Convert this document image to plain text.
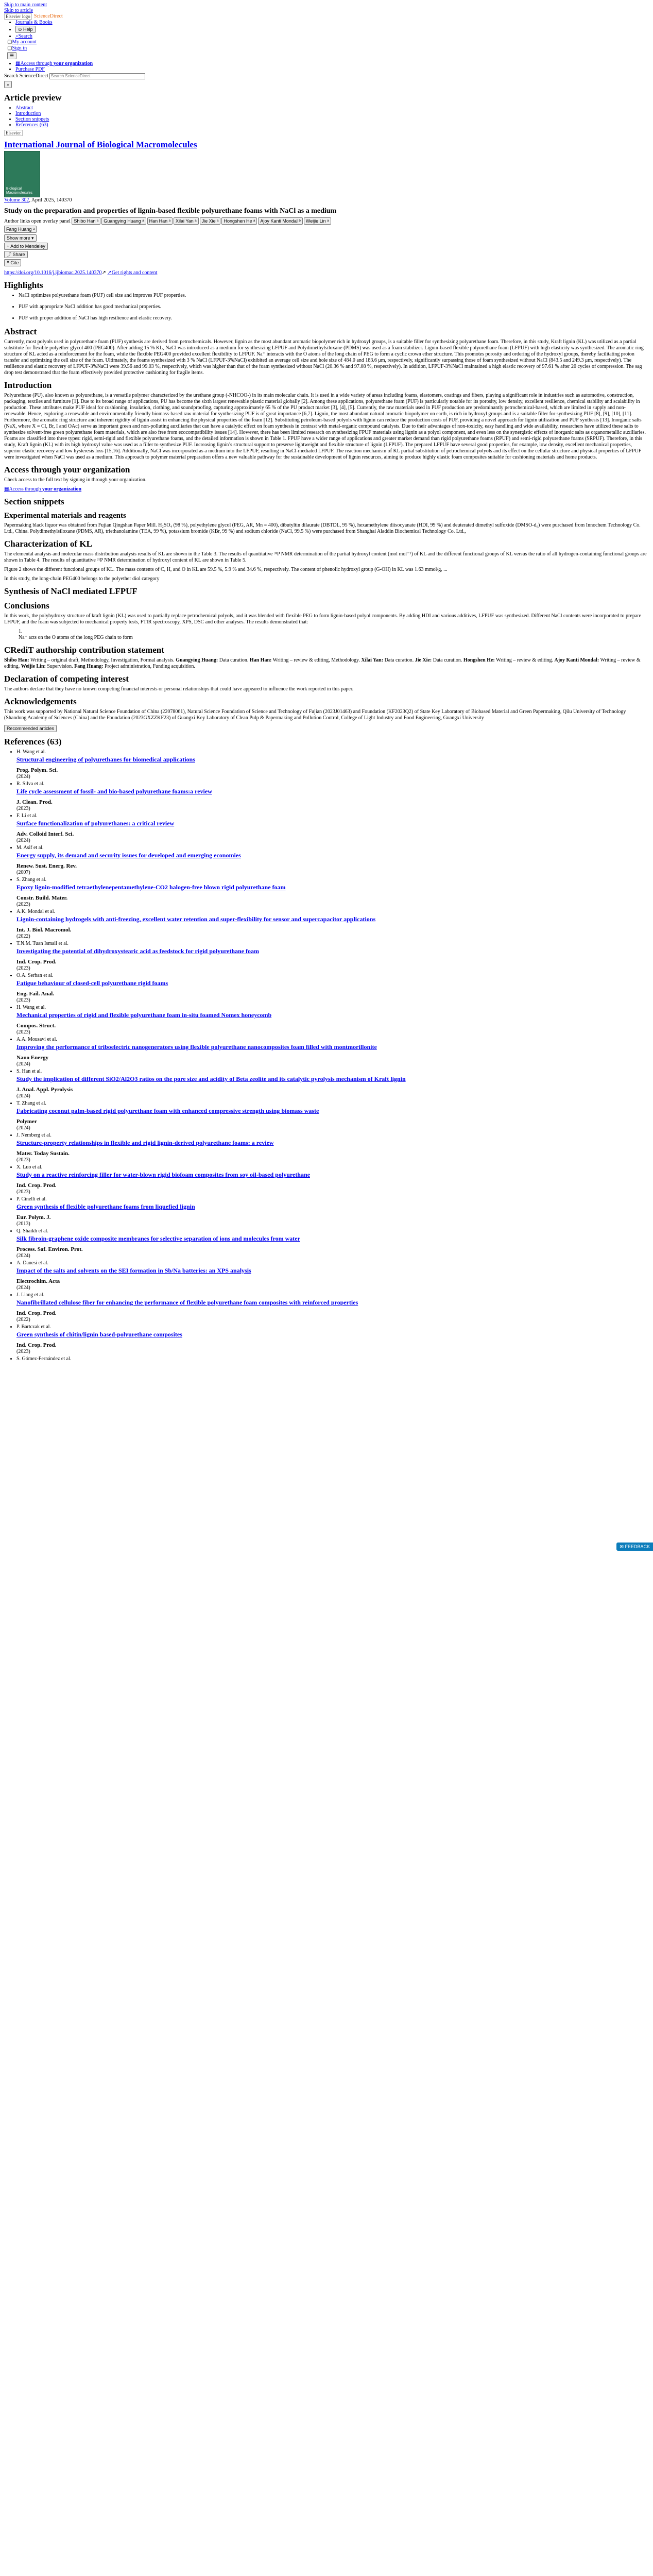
Skip to main content
Skip to article
Elsevier logo ScienceDirect
• Journals & Books
• ⊙ Help
• ⌕Search
▢My account
▢Sign in
☰
• ▦Access through your organization
• Purchase PDF
Search ScienceDirect
Search ScienceDirect
⌕
Article preview
• Abstract
• Introduction
• Section snippets
• References (63)
Elsevier
International Journal of Biological Macromolecules
Biological Macromolecules
Volume 302, April 2025, 140370
Study on the preparation and properties of lignin-based flexible polyurethane foams with NaCl as a medium
Author links open overlay panel Shibo Han ᵃ Guangying Huang ᵃ Han Han ᵃ Xilai Yan ᵃ Jie Xie ᵃ Hongshen He ᵃ Ajoy Kanti Mondal ᵇ Weijie Lin ᵃ
Fang Huang ᵃ
Show more ▾
+ Add to Mendeley
⤴ Share
❝ Cite
https://doi.org/10.1016/j.ijbiomac.2025.140370↗ ↗Get rights and content
Highlights
• NaCl optimizes polyurethane foam (PUF) cell size and improves PUF properties.
• PUF with appropriate NaCl addition has good mechanical properties.
• PUF with proper addition of NaCl has high resilience and elastic recovery.
Abstract

Currently, most polyols used in polyurethane foam (PUF) synthesis are derived from petrochemicals. However, lignin as the most abundant aromatic biopolymer rich in hydroxyl groups, is a suitable filler for synthesizing polyurethane foam. Therefore, in this study, Kraft lignin (KL) was utilized as a partial substitute for flexible polyether glycol 400 (PEG400). After adding 15 % KL, NaCl was introduced as a medium for synthesizing LFPUF and Polydimethylsiloxane (PDMS) was used as a foam stabilizer. Lignin-based flexible polyurethane foam (LFPUF) with high elasticity was synthesized. The aromatic ring structure of KL acted as a reinforcement for the foam, while the flexible PEG400 provided excellent flexibility to LFPUF. Na⁺ interacts with the O atoms of the long chain of PEG to form a cyclic crown ether structure. This promotes porosity and ordering of the hydroxyl groups, thereby facilitating proton transfer and optimizing the cell size of the foam. Ultimately, the foams synthesized with 3 % NaCl (LFPUF-3%NaCl) exhibited an average cell size and hole size of 484.0 and 183.6 μm, respectively, significantly surpassing those of foam synthesized without NaCl (843.5 and 249.3 μm, respectively). The resilience and elastic recovery of LFPUF-3%NaCl were 39.56 and 99.03 %, respectively, which was higher than that of the foam synthesized without NaCl (20.36 % and 97.08 %, respectively). In addition, LFPUF-3%NaCl maintained a high elastic recovery of 97.61 % after 20 cycles of compression. The sag drop test demonstrated that the foam effectively provided protective cushioning for fragile items.

Introduction

Polyurethane (PU), also known as polyurethane, is a versatile polymer characterized by the urethane group (-NHCOO-) in its main molecular chain. It is used in a wide variety of areas including foams, elastomers, coatings and fibers, playing a significant role in industries such as automotive, construction, packaging, textiles and furniture [1]. Due to its broad range of applications, PU has become the sixth largest renewable plastic material globally [2]. Among these applications, polyurethane foam (PUF) is particularly notable for its porosity, low density, excellent resilience, chemical stability and scalability in production. These attributes make PUF ideal for cushioning, insulation, clothing, and soundproofing, capturing approximately 65 % of the PU product market [3], [4], [5]. Currently, the raw materials used in PUF production are predominantly petrochemical-based, which are limited in supply and non-renewable. Hence, exploring a renewable and environmentally friendly biomass-based raw material for synthesizing PUF is of great importance [6,7]. Lignin, the most abundant natural aromatic biopolymer on earth, is rich in hydroxyl groups and is a suitable filler for synthesizing PUF [8], [9], [10], [11]. Furthermore, the aromatic ring structure and inherent rigidity of lignin assist in enhancing the physical properties of the foam [12]. Substituting petroleum-based polyols with lignin can reduce the production costs of PUF, providing a novel approach for lignin utilization and PUF synthesis [13]. Inorganic salts (NaX, where X = Cl, Br, I and OAc) serve as important green and non-polluting auxiliaries that can have a catalytic effect on foam synthesis in contrast with metal-organic compound catalysts. Due to their advantages of non-toxicity, easy handling and wide availability, researchers have utilized these salts to synthesize solvent-free green polyurethane foam materials, which are also free from ecocompatibility issues [14]. However, there has been limited research on synthesizing FPUF materials using lignin as a polyol component, and even less on the synergistic effects of inorganic salts as organometallic auxiliaries. Foams are classified into three types: rigid, semi-rigid and flexible polyurethane foams, and the detailed information is shown in Table 1. FPUF have a wider range of applications and greater market demand than rigid polyurethane foams (RPUF) and semi-rigid polyurethane foams (SRPUF). Therefore, in this study, Kraft lignin (KL) with its high hydroxyl value was used as a filler to synthesize PUF. Increasing lignin’s structural support to preserve lightweight and flexible structure of lignin (LFPUF). The prepared LFPUF have several good properties, for example, low density, excellent mechanical properties, superior elastic recovery and low hysteresis loss [15,16]. Additionally, NaCl was incorporated as a medium into the LFPUF, resulting in NaCl-mediated LFPUF. The reaction mechanism of KL partial substitution of petrochemical polyols and its effect on the cellular structure and physical properties of LFPUF were investigated when NaCl was used as a medium. This approach to polymer material preparation offers a new valuable pathway for the sustainable development of lignin resources, aiming to produce highly elastic foam composites suitable for cushioning materials and home products.

Access through your organization

Check access to the full text by signing in through your organization.

▦Access through your organization
Section snippets
Experimental materials and reagents

Papermaking black liquor was obtained from Fujian Qingshan Paper Mill. H₂SO₄ (98 %), polyethylene glycol (PEG, AR, Mn = 400), dibutyltin dilaurate (DBTDL, 95 %), hexamethylene diisocyanate (HDI, 99 %) and deuterated dimethyl sulfoxide (DMSO-d₆) were purchased from Innochem Technology Co. Ltd., China. Polydimethylsiloxane (PDMS, AR), triethanolamine (TEA, 99 %), potassium bromide (KBr, 99 %) and sodium chloride (NaCl, 99.5 %) were purchased from Shanghai Aladdin Biochemical Technology Co. Ltd.,

Characterization of KL

The elemental analysis and molecular mass distribution analysis results of KL are shown in the Table 3. The results of quantitative ³¹P NMR determination of the partial hydroxyl content (mol mol⁻¹) of KL and the different functional groups of KL versus the ratio of all hydrogen-containing functional groups are shown in Table 4. The results of quantitative ³¹P NMR determination of hydroxyl content of KL are shown in Table 5.

Figure 2 shows the different functional groups of KL. The mass contents of C, H, and O in KL are 59.5 %, 5.9 % and 34.6 %, respectively. The content of phenolic hydroxyl group (G-OH) in KL was 1.63 mmol/g, ...

In this study, the long-chain PEG400 belongs to the polyether diol category

Synthesis of NaCl mediated LFPUF
Conclusions

In this work, the polyhydroxy structure of kraft lignin (KL) was used to partially replace petrochemical polyols, and it was blended with flexible PEG to form lignin-based polyol components. By adding HDI and various additives, LFPUF was synthesized. Different NaCl contents were incorporated to prepare LFPUF, and the foam was subjected to mechanical property tests, FTIR spectroscopy, XPS, DSC and other analyses. The results demonstrated that:

1.
Na⁺ acts on the O atoms of the long PEG chain to form
CRediT authorship contribution statement

Shibo Han: Writing – original draft, Methodology, Investigation, Formal analysis. Guangying Huang: Data curation. Han Han: Writing – review & editing, Methodology. Xilai Yan: Data curation. Jie Xie: Data curation. Hongshen He: Writing – review & editing. Ajoy Kanti Mondal: Writing – review & editing. Weijie Lin: Supervision. Fang Huang: Project administration, Funding acquisition.

Declaration of competing interest

The authors declare that they have no known competing financial interests or personal relationships that could have appeared to influence the work reported in this paper.

Acknowledgements

This work was supported by National Natural Science Foundation of China (22078061), Natural Science Foundation of Science and Technology of Fujian (2023J01463) and Foundation (KF2023Q2) of State Key Laboratory of Biobased Material and Green Papermaking, Qilu University of Technology (Shandong Academy of Sciences (China) and the Foundation (2023GXZZKF23) of Guangxi Key Laboratory of Clean Pulp & Papermaking and Pollution Control, College of Light Industry and Food Engineering, Guangxi University

Recommended articles
References (63)
• H. Wang et al.
Structural engineering of polyurethanes for biomedical applications
Prog. Polym. Sci.
(2024)
• R. Silva et al.
Life cycle assessment of fossil- and bio-based polyurethane foams:a review
J. Clean. Prod.
(2023)
• F. Li et al.
Surface functionalization of polyurethanes: a critical review
Adv. Colloid Interf. Sci.
(2024)
• M. Asif et al.
Energy supply, its demand and security issues for developed and emerging economies
Renew. Sust. Energ. Rev.
(2007)
• S. Zhang et al.
Epoxy lignin-modified tetraethylenepentamethylene-CO2 halogen-free blown rigid polyurethane foam
Constr. Build. Mater.
(2023)
• A.K. Mondal et al.
Lignin-containing hydrogels with anti-freezing, excellent water retention and super-flexibility for sensor and supercapacitor applications
Int. J. Biol. Macromol.
(2022)
• T.N.M. Tuan Ismail et al.
Investigating the potential of dihydroxystearic acid as feedstock for rigid polyurethane foam
Ind. Crop. Prod.
(2023)
• O.A. Serban et al.
Fatigue behaviour of closed-cell polyurethane rigid foams
Eng. Fail. Anal.
(2023)
• H. Wang et al.
Mechanical properties of rigid and flexible polyurethane foam in-situ foamed Nomex honeycomb
Compos. Struct.
(2023)
• A.A. Mousavi et al.
Improving the performance of triboelectric nanogenerators using flexible polyurethane nanocomposites foam filled with montmorillonite
Nano Energy
(2024)
• S. Han et al.
Study the implication of different SiO2/Al2O3 ratios on the pore size and acidity of Beta zeolite and its catalytic pyrolysis mechanism of Kraft lignin
J. Anal. Appl. Pyrolysis
(2024)
• T. Zhang et al.
Fabricating coconut palm-based rigid polyurethane foam with enhanced compressive strength using biomass waste
Polymer
(2024)
• J. Nemberg et al.
Structure-property relationships in flexible and rigid lignin-derived polyurethane foams: a review
Mater. Today Sustain.
(2023)
• X. Luo et al.
Study on a reactive reinforcing filler for water-blown rigid biofoam composites from soy oil-based polyurethane
Ind. Crop. Prod.
(2023)
• P. Cinelli et al.
Green synthesis of flexible polyurethane foams from liquefied lignin
Eur. Polym. J.
(2013)
• Q. Shaikh et al.
Silk fibroin-graphene oxide composite membranes for selective separation of ions and molecules from water
Process. Saf. Environ. Prot.
(2024)
• A. Danesi et al.
Impact of the salts and solvents on the SEI formation in Sb/Na batteries: an XPS analysis
Electrochim. Acta
(2024)
• J. Liang et al.
Nanofibrillated cellulose fiber for enhancing the performance of flexible polyurethane foam composites with reinforced properties
Ind. Crop. Prod.
(2022)
• P. Bartczak et al.
Green synthesis of chitin/lignin based-polyurethane composites
Ind. Crop. Prod.
(2023)
• S. Gómez-Fernández et al.
✉ FEEDBACK
